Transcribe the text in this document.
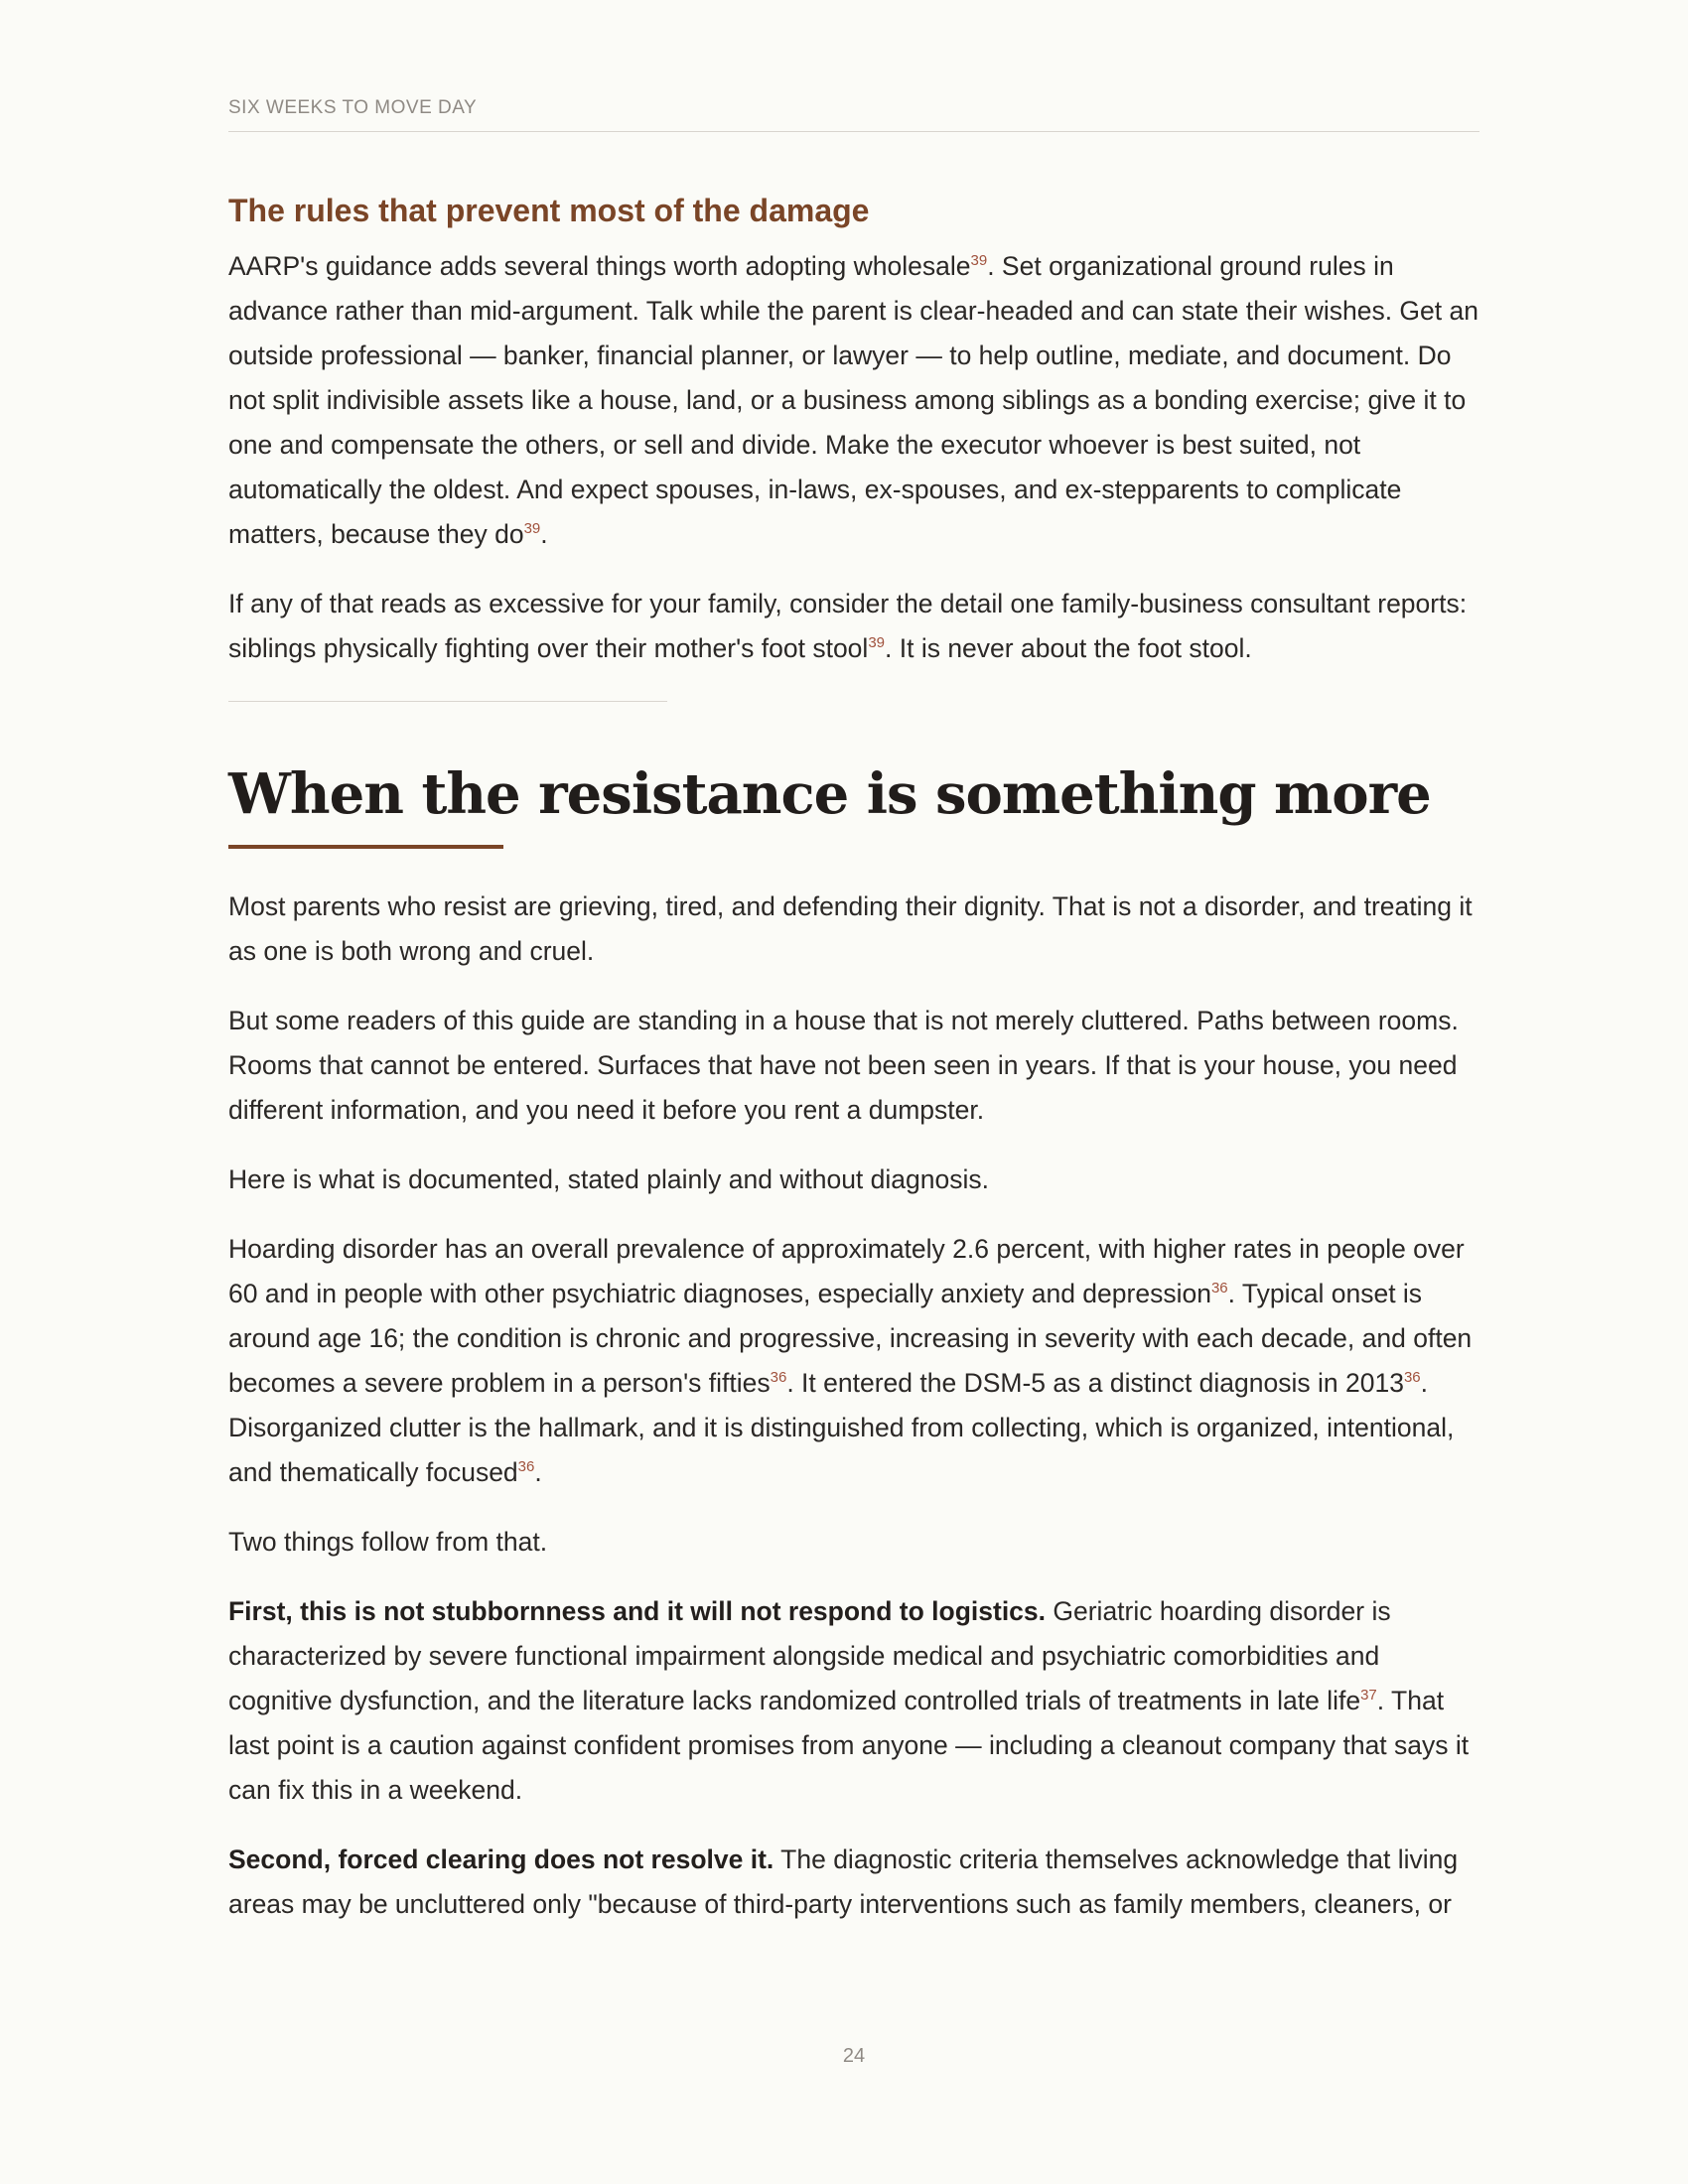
SIX WEEKS TO MOVE DAY
The rules that prevent most of the damage

AARP's guidance adds several things worth adopting wholesale$^{39}$. Set organizational ground rules in advance rather than mid-argument. Talk while the parent is clear-headed and can state their wishes. Get an outside professional — banker, financial planner, or lawyer — to help outline, mediate, and document. Do not split indivisible assets like a house, land, or a business among siblings as a bonding exercise; give it to one and compensate the others, or sell and divide. Make the executor whoever is best suited, not automatically the oldest. And expect spouses, in-laws, ex-spouses, and ex-stepparents to complicate matters, because they do$^{39}$.

If any of that reads as excessive for your family, consider the detail one family-business consultant reports: siblings physically fighting over their mother's foot stool$^{39}$. It is never about the foot stool.

When the resistance is something more

Most parents who resist are grieving, tired, and defending their dignity. That is not a disorder, and treating it as one is both wrong and cruel.

But some readers of this guide are standing in a house that is not merely cluttered. Paths between rooms. Rooms that cannot be entered. Surfaces that have not been seen in years. If that is your house, you need different information, and you need it before you rent a dumpster.

Here is what is documented, stated plainly and without diagnosis.

Hoarding disorder has an overall prevalence of approximately 2.6 percent, with higher rates in people over 60 and in people with other psychiatric diagnoses, especially anxiety and depression$^{36}$. Typical onset is around age 16; the condition is chronic and progressive, increasing in severity with each decade, and often becomes a severe problem in a person's fifties$^{36}$. It entered the DSM-5 as a distinct diagnosis in 2013$^{36}$. Disorganized clutter is the hallmark, and it is distinguished from collecting, which is organized, intentional, and thematically focused$^{36}$.

Two things follow from that.

First, this is not stubbornness and it will not respond to logistics. Geriatric hoarding disorder is characterized by severe functional impairment alongside medical and psychiatric comorbidities and cognitive dysfunction, and the literature lacks randomized controlled trials of treatments in late life$^{37}$. That last point is a caution against confident promises from anyone — including a cleanout company that says it can fix this in a weekend.

Second, forced clearing does not resolve it. The diagnostic criteria themselves acknowledge that living areas may be uncluttered only "because of third-party interventions such as family members, cleaners, or

24
